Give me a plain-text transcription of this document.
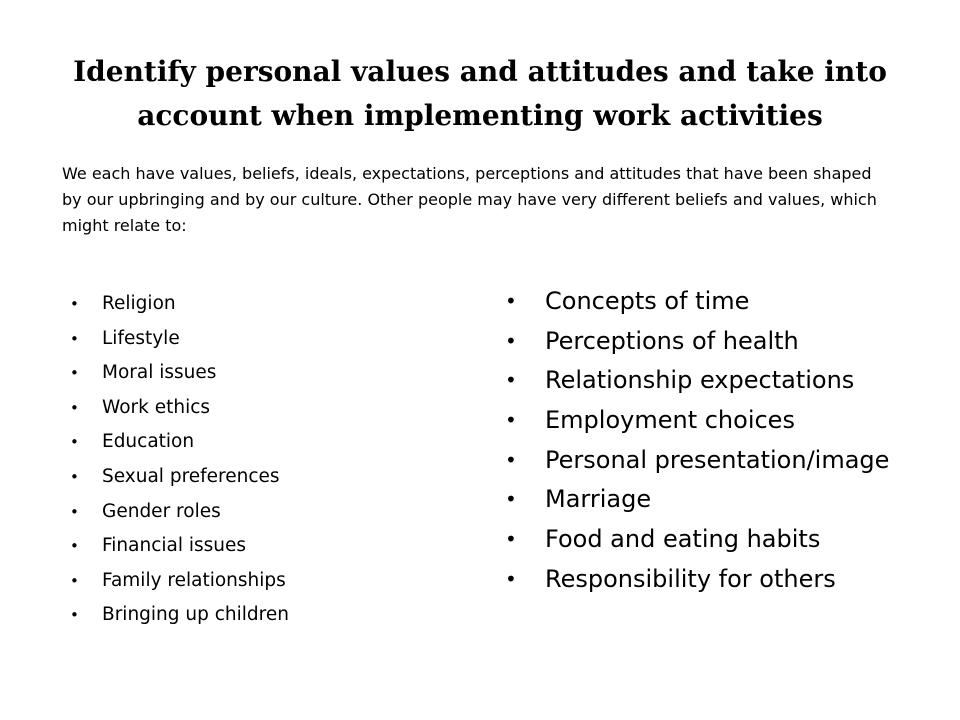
Identify personal values and attitudes and take into account when implementing work activities

We each have values, beliefs, ideals, expectations, perceptions and attitudes that have been shaped by our upbringing and by our culture. Other people may have very different beliefs and values, which might relate to:

• Religion
• Lifestyle
• Moral issues
• Work ethics
• Education
• Sexual preferences
• Gender roles
• Financial issues
• Family relationships
• Bringing up children
• Concepts of time
• Perceptions of health
• Relationship expectations
• Employment choices
• Personal presentation/image
• Marriage
• Food and eating habits
• Responsibility for others
